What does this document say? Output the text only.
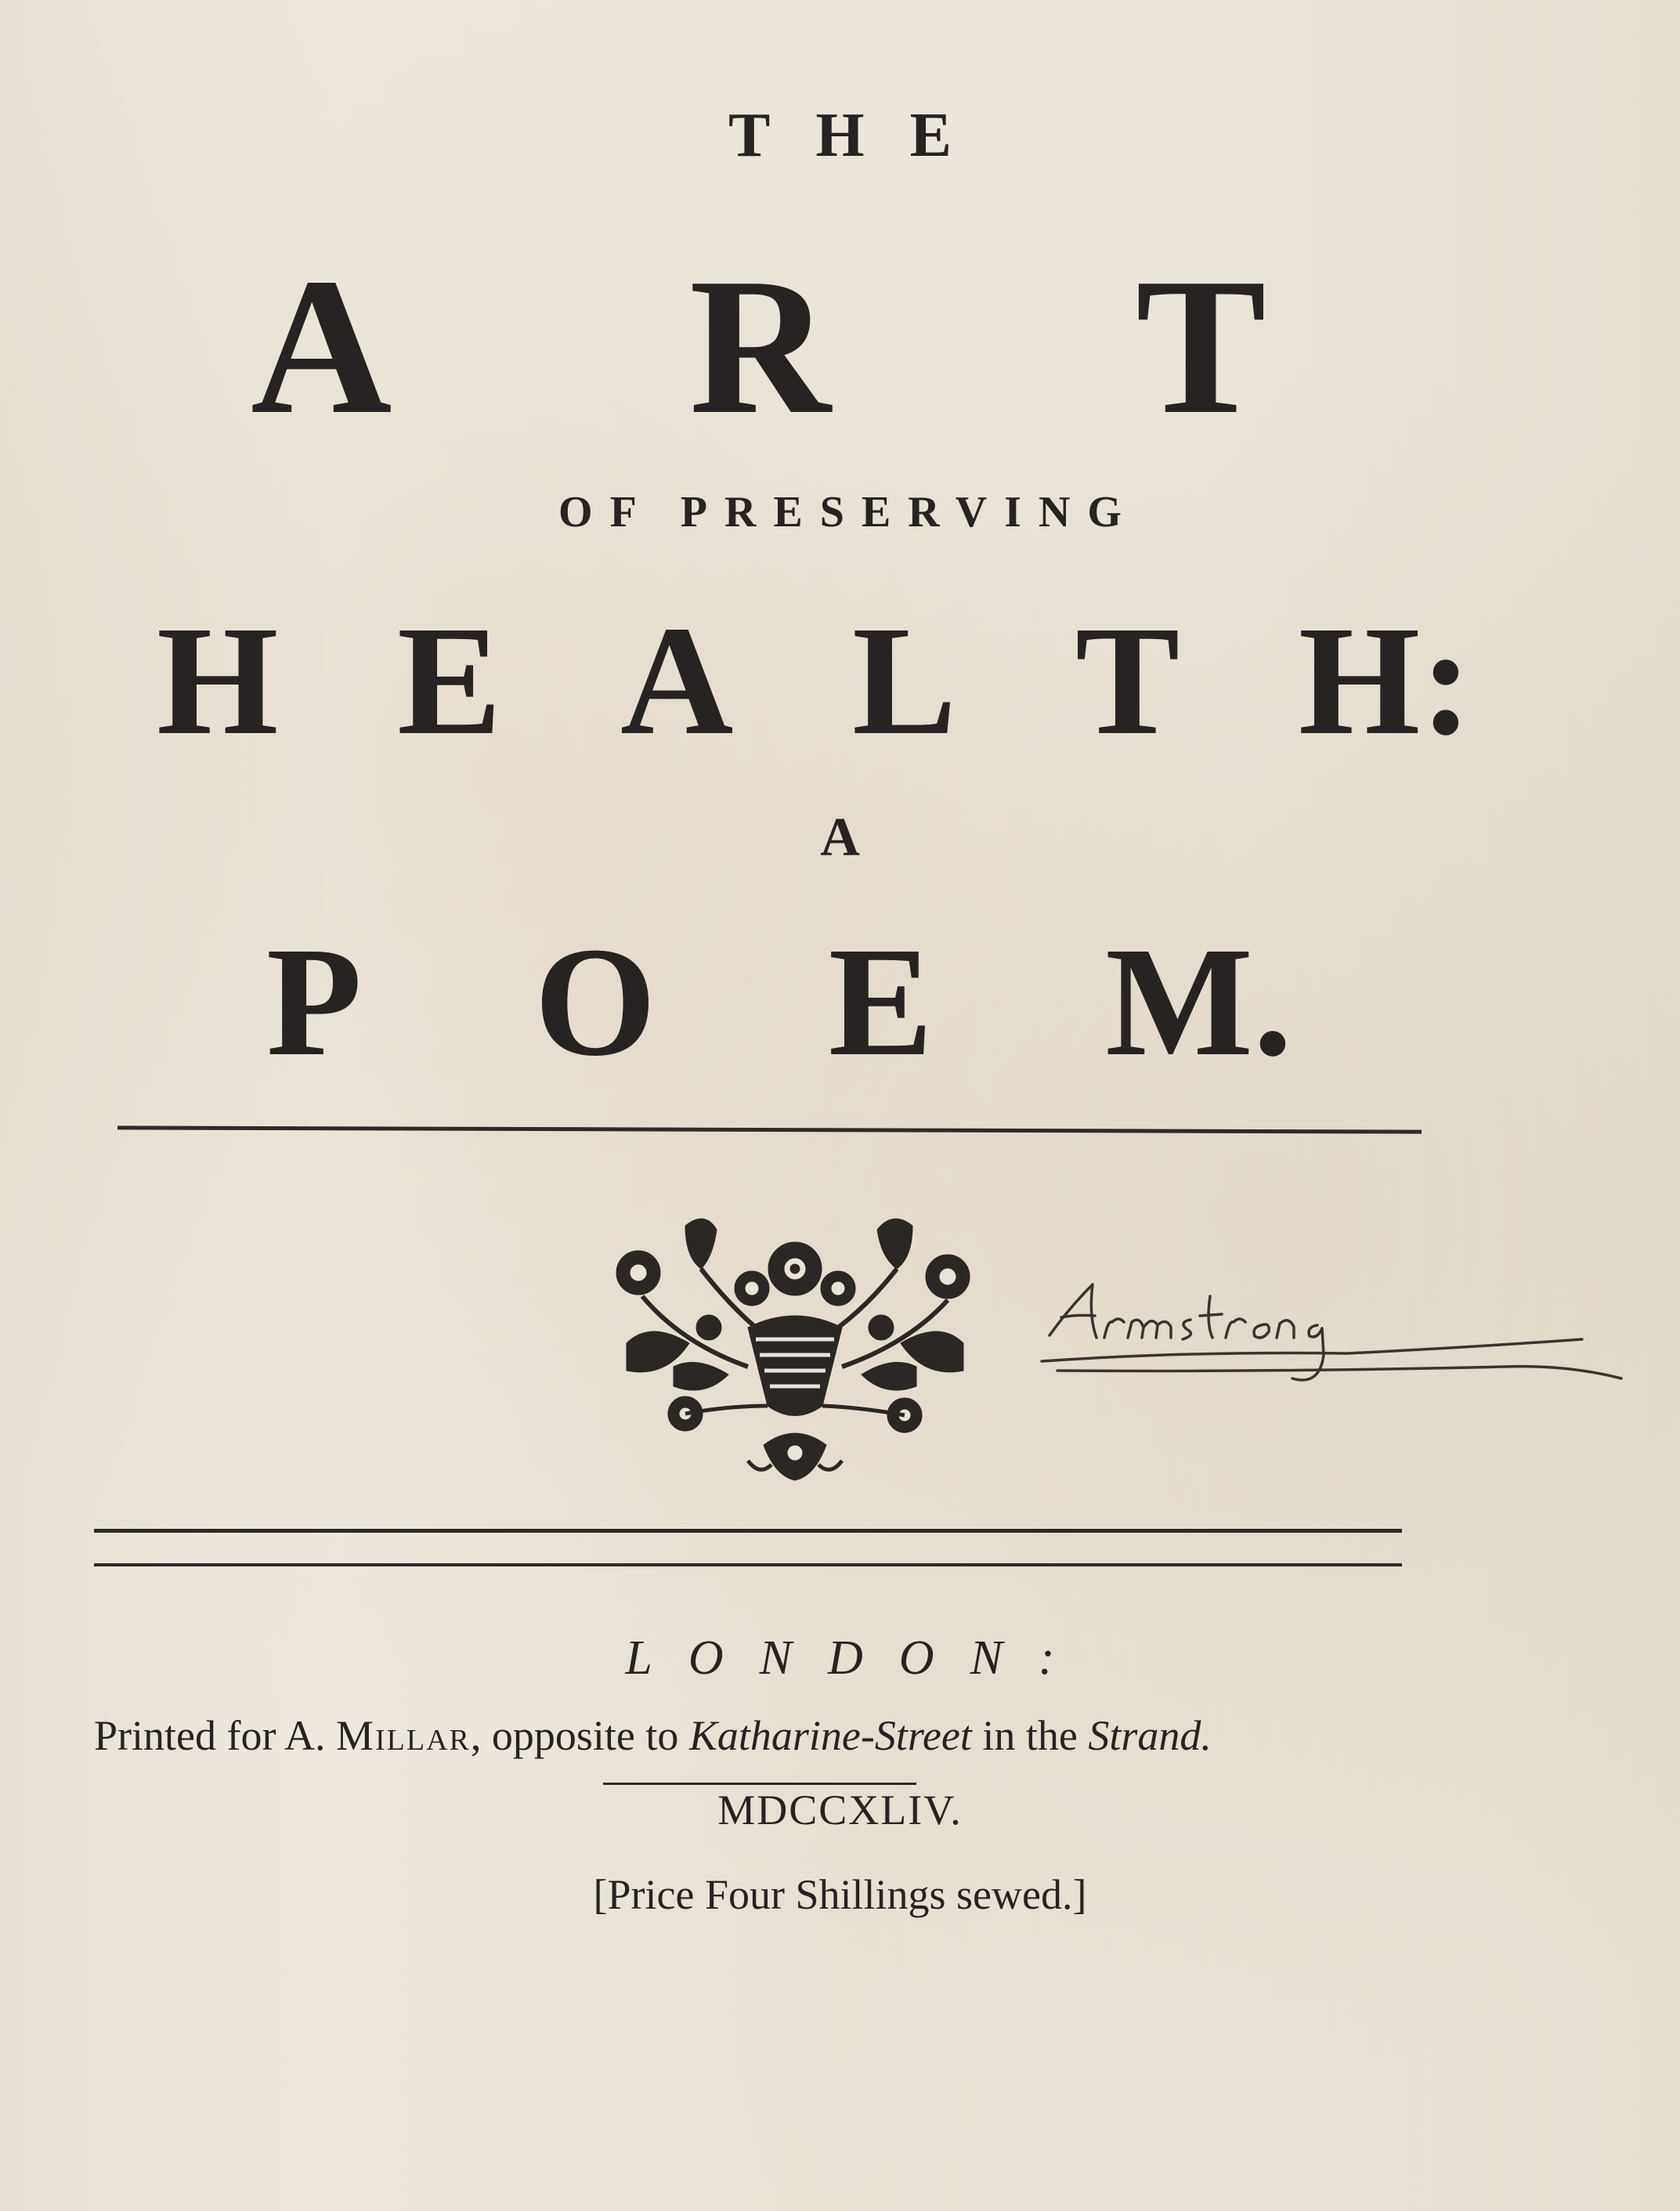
THE

A R T

OF PRESERVING

H E A L T H:

A

P O E M.

LONDON:

Printed for A. Millar, opposite to Katharine-Street in the Strand.

MDCCXLIV.

[Price Four Shillings sewed.]
